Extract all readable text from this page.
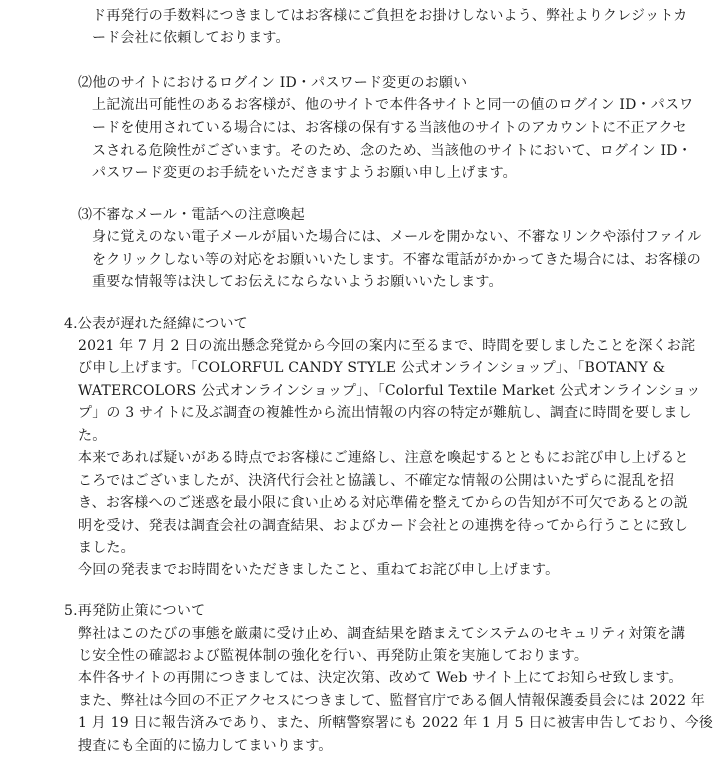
ド再発行の手数料につきましてはお客様にご負担をお掛けしないよう、弊社よりクレジットカ
ード会社に依頼しております。
⑵他のサイトにおけるログイン ID・パスワード変更のお願い
上記流出可能性のあるお客様が、他のサイトで本件各サイトと同一の値のログイン ID・パスワ
ードを使用されている場合には、お客様の保有する当該他のサイトのアカウントに不正アクセ
スされる危険性がございます。そのため、念のため、当該他のサイトにおいて、ログイン ID・
パスワード変更のお手続をいただきますようお願い申し上げます。
⑶不審なメール・電話への注意喚起
身に覚えのない電子メールが届いた場合には、メールを開かない、不審なリンクや添付ファイル
をクリックしない等の対応をお願いいたします。不審な電話がかかってきた場合には、お客様の
重要な情報等は決してお伝えにならないようお願いいたします。
4.公表が遅れた経緯について
2021 年 7 月 2 日の流出懸念発覚から今回の案内に至るまで、時間を要しましたことを深くお詫
び申し上げます。「COLORFUL CANDY STYLE 公式オンラインショップ」、「BOTANY &
WATERCOLORS 公式オンラインショップ」、「Colorful Textile Market 公式オンラインショッ
プ」の 3 サイトに及ぶ調査の複雑性から流出情報の内容の特定が難航し、調査に時間を要しまし
た。
本来であれば疑いがある時点でお客様にご連絡し、注意を喚起するとともにお詫び申し上げると
ころではございましたが、決済代行会社と協議し、不確定な情報の公開はいたずらに混乱を招
き、お客様へのご迷惑を最小限に食い止める対応準備を整えてからの告知が不可欠であるとの説
明を受け、発表は調査会社の調査結果、およびカード会社との連携を待ってから行うことに致し
ました。
今回の発表までお時間をいただきましたこと、重ねてお詫び申し上げます。
5.再発防止策について
弊社はこのたびの事態を厳粛に受け止め、調査結果を踏まえてシステムのセキュリティ対策を講
じ安全性の確認および監視体制の強化を行い、再発防止策を実施しております。
本件各サイトの再開につきましては、決定次第、改めて Web サイト上にてお知らせ致します。
また、弊社は今回の不正アクセスにつきまして、監督官庁である個人情報保護委員会には 2022 年
1 月 19 日に報告済みであり、また、所轄警察署にも 2022 年 1 月 5 日に被害申告しており、今後
捜査にも全面的に協力してまいります。
